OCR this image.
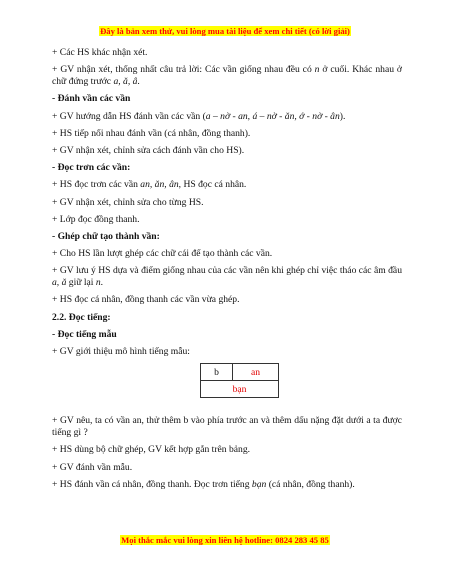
Đây là bản xem thử, vui lòng mua tài liệu để xem chi tiết (có lời giải)

+ Các HS khác nhận xét.

+ GV nhận xét, thống nhất câu trả lời: Các vần giống nhau đều có n ở cuối. Khác nhau ở chữ đứng trước a, ă, â.

- Đánh vần các vần

+ GV hướng dẫn HS đánh vần các vần (a – nờ - an, á – nờ - ăn, ớ - nờ - ân).

+ HS tiếp nối nhau đánh vần (cá nhân, đồng thanh).

+ GV nhận xét, chỉnh sửa cách đánh vần cho HS).

- Đọc trơn các vần:

+ HS đọc trơn các vần an, ăn, ân, HS đọc cá nhân.

+ GV nhận xét, chỉnh sửa cho từng HS.

+ Lớp đọc đồng thanh.

- Ghép chữ tạo thành vần:

+ Cho HS lần lượt ghép các chữ cái để tạo thành các vần.

+ GV lưu ý HS dựa và điểm giống nhau của các vần nên khi ghép chỉ việc tháo các âm đầu a, ă giữ lại n.

+ HS đọc cá nhân, đồng thanh các vần vừa ghép.

2.2. Đọc tiếng:

- Đọc tiếng mẫu

+ GV giới thiệu mô hình tiếng mẫu:

b	an
bạn

+ GV nêu, ta có vần an, thử thêm b vào phía trước an và thêm dấu nặng đặt dưới a ta được tiếng gì ?

+ HS dùng bộ chữ ghép, GV kết hợp gắn trên bảng.

+ GV đánh vần mẫu.

+ HS đánh vần cá nhân, đồng thanh. Đọc trơn tiếng bạn (cá nhân, đồng thanh).

Mọi thắc mắc vui lòng xin liên hệ hotline: 0824 283 45 85
